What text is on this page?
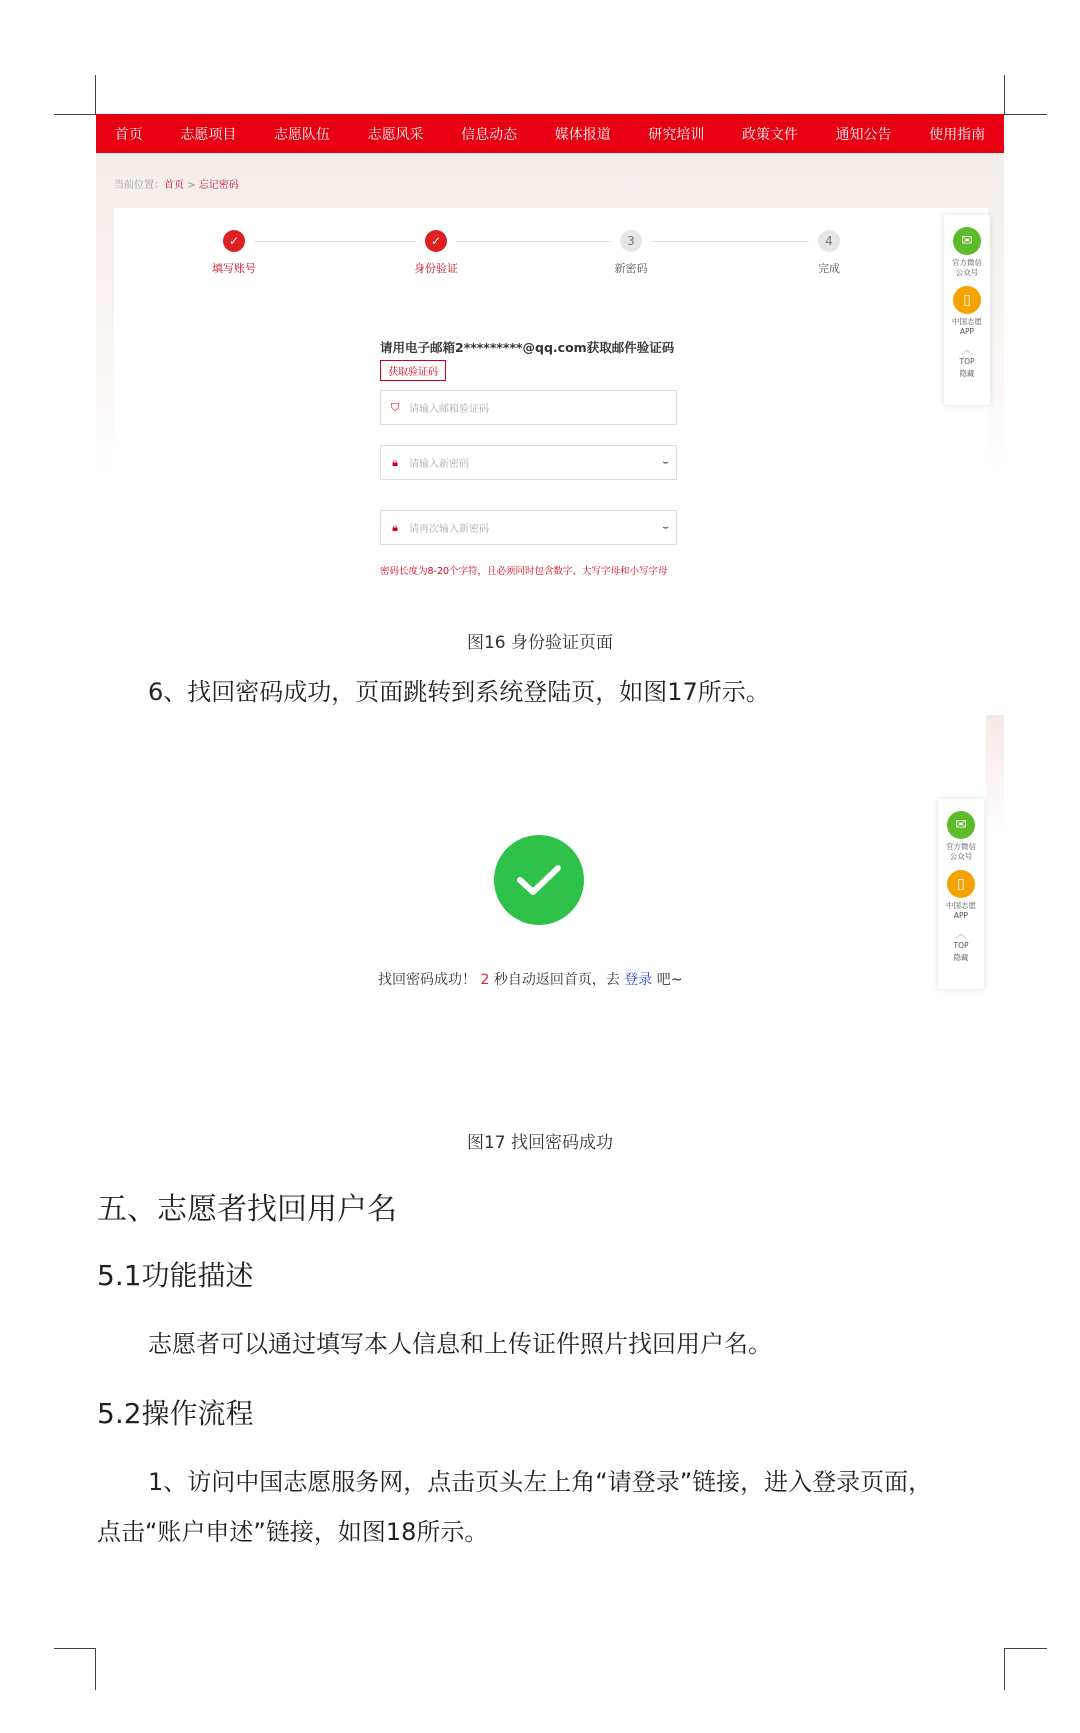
首页	志愿项目	志愿队伍	志愿风采	信息动态	媒体报道	研究培训	政策文件	通知公告	使用指南
当前位置：首页 > 忘记密码
✓
填写账号
✓
身份验证
3
新密码
4
完成
请用电子邮箱2*********@qq.com获取邮件验证码
获取验证码
⛉ 请输入邮箱验证码
🔒︎	请输入新密码	⌣
密码长度为8-20个字符，且必须同时包含数字、大写字母和小写字母
🔒︎	请再次输入新密码	⌣
✉
官方微信公众号
▯
中国志愿APP
︿
TOP
隐藏
图16 身份验证页面
6、找回密码成功，页面跳转到系统登陆页，如图17所示。
找回密码成功！ 2 秒自动返回首页，去 登录 吧~
✉
官方微信公众号
▯
中国志愿APP
︿
TOP
隐藏
图17 找回密码成功
五、志愿者找回用户名
5.1功能描述
志愿者可以通过填写本人信息和上传证件照片找回用户名。
5.2操作流程
1、访问中国志愿服务网，点击页头左上角“请登录”链接，进入登录页面，
点击“账户申述”链接，如图18所示。
